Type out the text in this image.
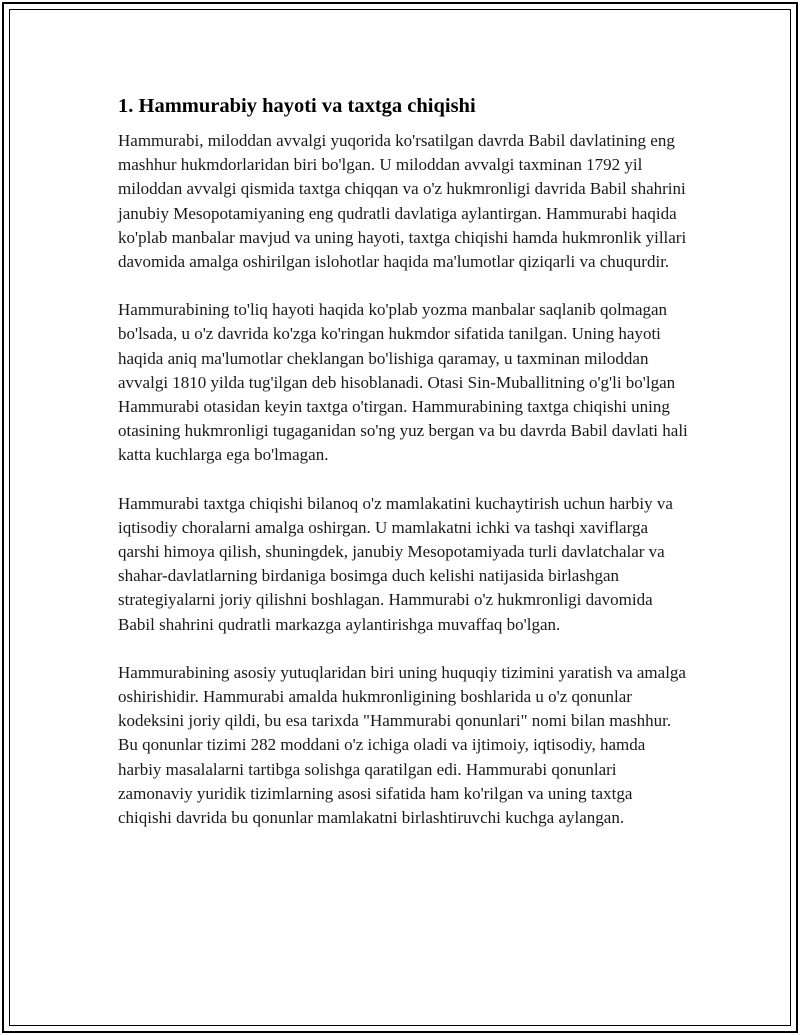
1. Hammurabiy hayoti va taxtga chiqishi

Hammurabi, miloddan avvalgi yuqorida ko'rsatilgan davrda Babil davlatining eng mashhur hukmdorlaridan biri bo'lgan. U miloddan avvalgi taxminan 1792 yil miloddan avvalgi qismida taxtga chiqqan va o'z hukmronligi davrida Babil shahrini janubiy Mesopotamiyaning eng qudratli davlatiga aylantirgan. Hammurabi haqida ko'plab manbalar mavjud va uning hayoti, taxtga chiqishi hamda hukmronlik yillari davomida amalga oshirilgan islohotlar haqida ma'lumotlar qiziqarli va chuqurdir.

Hammurabining to'liq hayoti haqida ko'plab yozma manbalar saqlanib qolmagan bo'lsada, u o'z davrida ko'zga ko'ringan hukmdor sifatida tanilgan. Uning hayoti haqida aniq ma'lumotlar cheklangan bo'lishiga qaramay, u taxminan miloddan avvalgi 1810 yilda tug'ilgan deb hisoblanadi. Otasi Sin-Muballitning o'g'li bo'lgan Hammurabi otasidan keyin taxtga o'tirgan. Hammurabining taxtga chiqishi uning otasining hukmronligi tugaganidan so'ng yuz bergan va bu davrda Babil davlati hali katta kuchlarga ega bo'lmagan.

Hammurabi taxtga chiqishi bilanoq o'z mamlakatini kuchaytirish uchun harbiy va iqtisodiy choralarni amalga oshirgan. U mamlakatni ichki va tashqi xaviflarga qarshi himoya qilish, shuningdek, janubiy Mesopotamiyada turli davlatchalar va shahar-davlatlarning birdaniga bosimga duch kelishi natijasida birlashgan strategiyalarni joriy qilishni boshlagan. Hammurabi o'z hukmronligi davomida Babil shahrini qudratli markazga aylantirishga muvaffaq bo'lgan.

Hammurabining asosiy yutuqlaridan biri uning huquqiy tizimini yaratish va amalga oshirishidir. Hammurabi amalda hukmronligining boshlarida u o'z qonunlar kodeksini joriy qildi, bu esa tarixda "Hammurabi qonunlari" nomi bilan mashhur. Bu qonunlar tizimi 282 moddani o'z ichiga oladi va ijtimoiy, iqtisodiy, hamda harbiy masalalarni tartibga solishga qaratilgan edi. Hammurabi qonunlari zamonaviy yuridik tizimlarning asosi sifatida ham ko'rilgan va uning taxtga chiqishi davrida bu qonunlar mamlakatni birlashtiruvchi kuchga aylangan.
